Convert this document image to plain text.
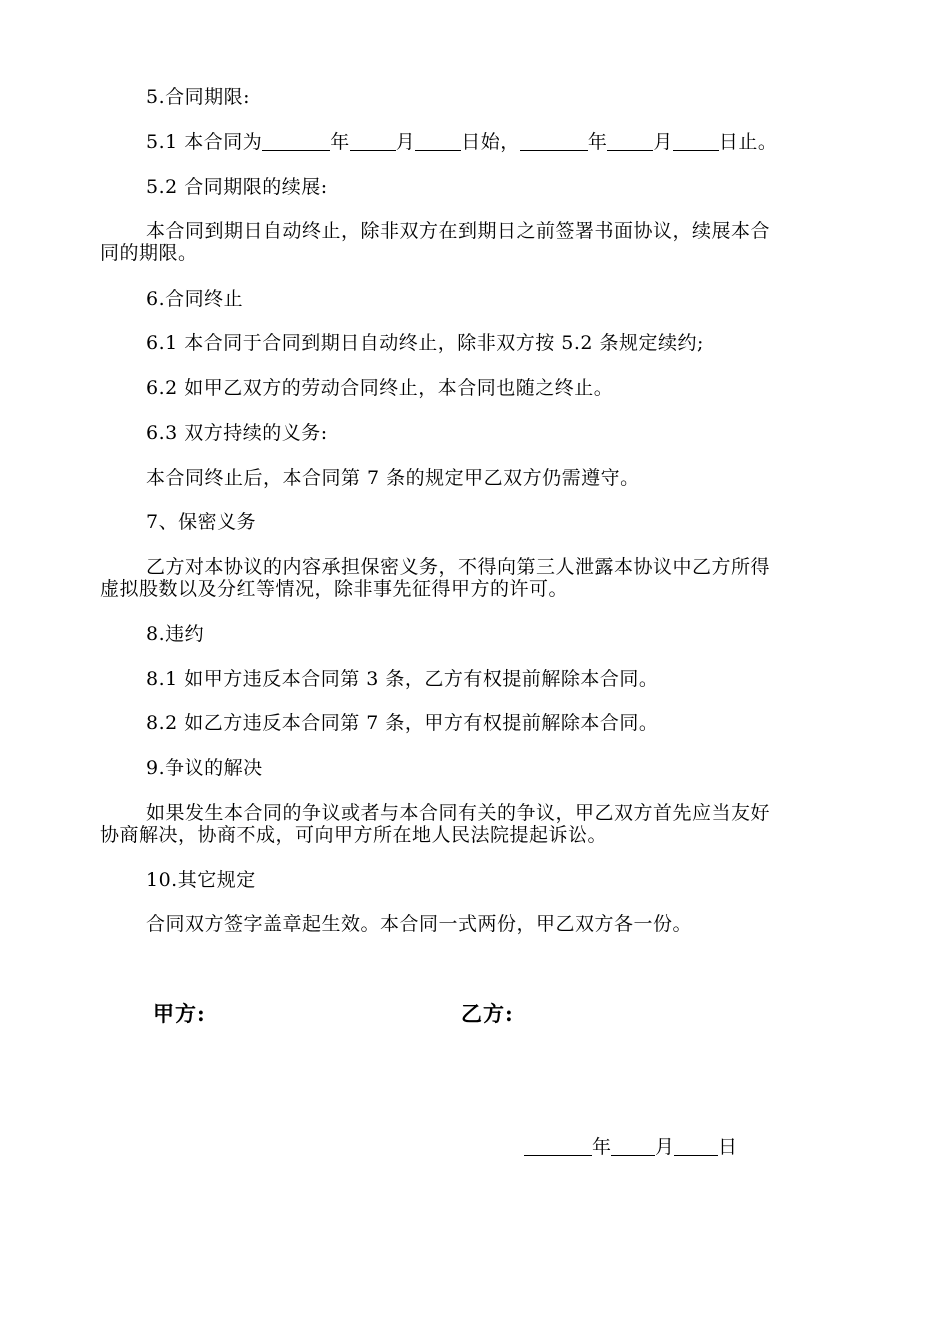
5.合同期限:
5.1 本合同为	年 月 日始，	年 月 日止。
5.2 合同期限的续展:
本合同到期日自动终止，除非双方在到期日之前签署书面协议，续展本合
同的期限。
6.合同终止
6.1 本合同于合同到期日自动终止，除非双方按 5.2 条规定续约;
6.2 如甲乙双方的劳动合同终止，本合同也随之终止。
6.3 双方持续的义务:
本合同终止后，本合同第 7 条的规定甲乙双方仍需遵守。
7、保密义务
乙方对本协议的内容承担保密义务，不得向第三人泄露本协议中乙方所得
虚拟股数以及分红等情况，除非事先征得甲方的许可。
8.违约
8.1 如甲方违反本合同第 3 条，乙方有权提前解除本合同。
8.2 如乙方违反本合同第 7 条，甲方有权提前解除本合同。
9.争议的解决
如果发生本合同的争议或者与本合同有关的争议，甲乙双方首先应当友好
协商解决，协商不成，可向甲方所在地人民法院提起诉讼。
10.其它规定
合同双方签字盖章起生效。本合同一式两份，甲乙双方各一份。
甲方:	乙方:
年 月 日
